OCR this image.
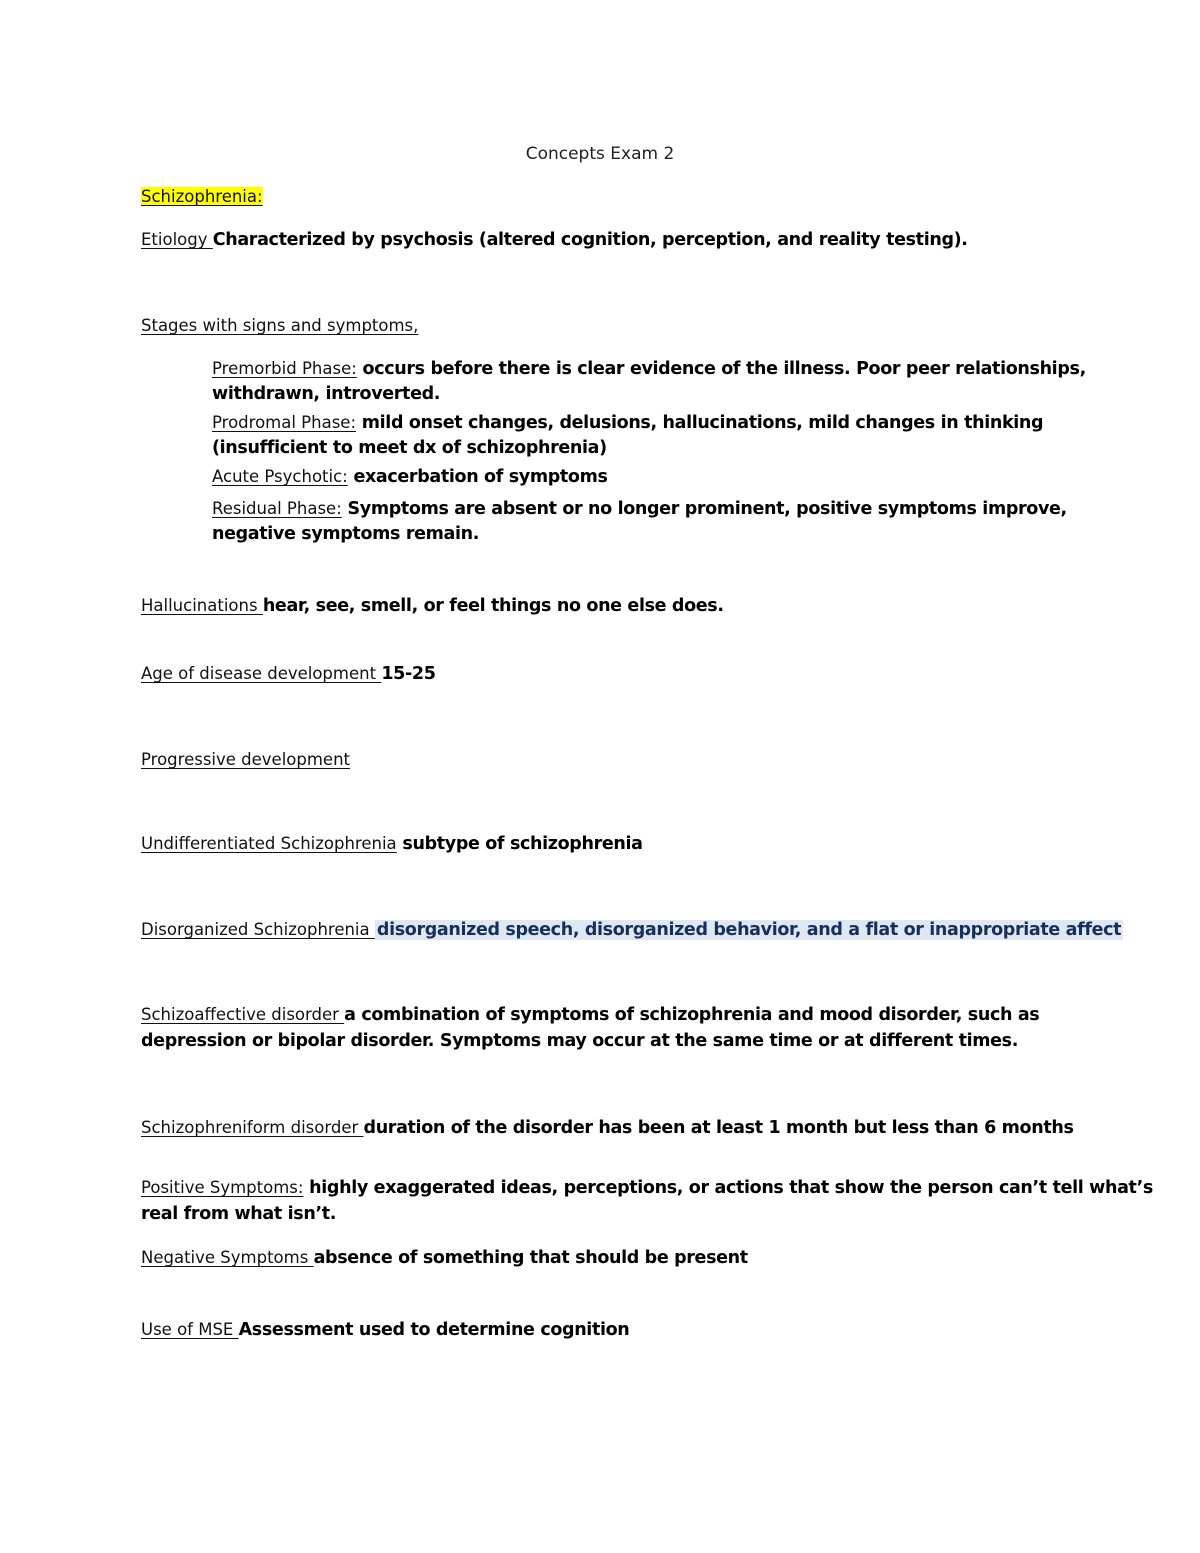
Concepts Exam 2
Schizophrenia:
Etiology Characterized by psychosis (altered cognition, perception, and reality testing).
Stages with signs and symptoms,
Premorbid Phase: occurs before there is clear evidence of the illness. Poor peer relationships,
withdrawn, introverted.
Prodromal Phase: mild onset changes, delusions, hallucinations, mild changes in thinking
(insufficient to meet dx of schizophrenia)
Acute Psychotic: exacerbation of symptoms
Residual Phase: Symptoms are absent or no longer prominent, positive symptoms improve,
negative symptoms remain.
Hallucinations hear, see, smell, or feel things no one else does.
Age of disease development 15-25
Progressive development
Undifferentiated Schizophrenia subtype of schizophrenia
Disorganized Schizophrenia disorganized speech, disorganized behavior, and a flat or inappropriate affect
Schizoaffective disorder a combination of symptoms of schizophrenia and mood disorder, such as
depression or bipolar disorder. Symptoms may occur at the same time or at different times.
Schizophreniform disorder duration of the disorder has been at least 1 month but less than 6 months
Positive Symptoms: highly exaggerated ideas, perceptions, or actions that show the person can’t tell what’s
real from what isn’t.
Negative Symptoms absence of something that should be present
Use of MSE Assessment used to determine cognition
